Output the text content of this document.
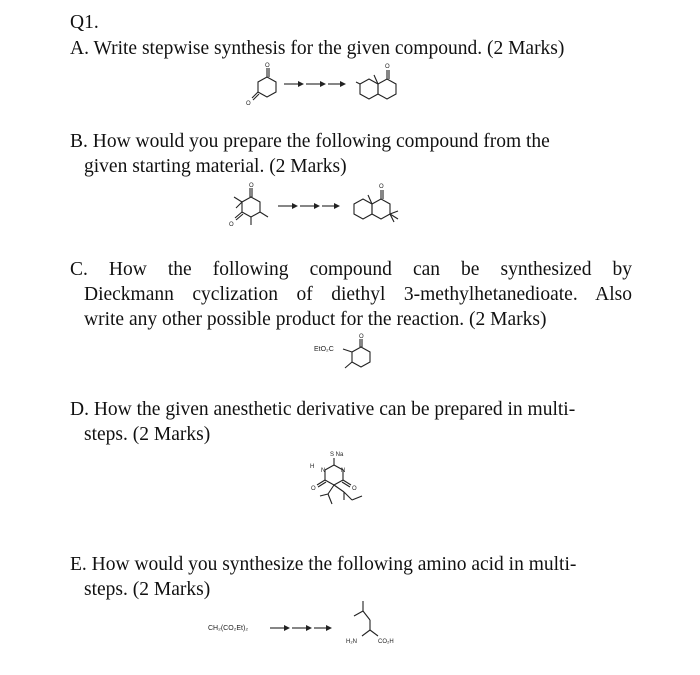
Q1.
A. Write stepwise synthesis for the given compound. (2 Marks)
O
O
O
B. How would you prepare the following compound from the
given starting material. (2 Marks)
O
O
O
C. How the following compound can be synthesized by
Dieckmann cyclization of diethyl 3-methylhetanedioate. Also
write any other possible product for the reaction. (2 Marks)
EtO₂C
O
D. How the given anesthetic derivative can be prepared in multi-
steps. (2 Marks)
S Na
N	N
H
O	O
E. How would you synthesize the following amino acid in multi-
steps. (2 Marks)
CH₂(CO₂Et)₂
H₂N	CO₂H
